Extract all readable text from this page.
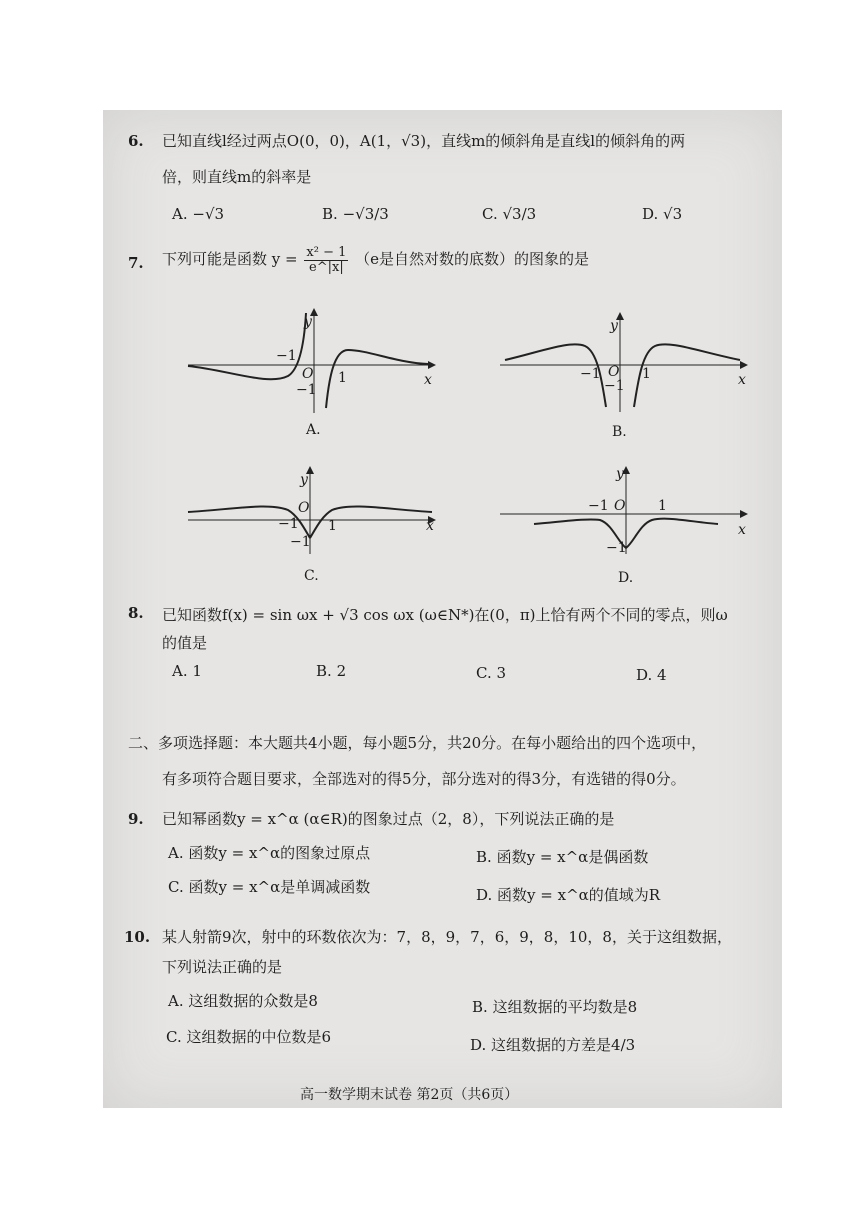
6. 已知直线l经过两点O(0，0)，A(1，√3)，直线m的倾斜角是直线l的倾斜角的两
倍，则直线m的斜率是
A. −√3	B. −√3/3	C. √3/3	D. √3
7. 下列可能是函数 $y = \frac{\text{x² − 1}}{e\^{}|x|} (e$是自然对数的底数）的图象的是
y
x
O
−1
1
−1
A.
y
x
O
−1	1
−1
B.
y
x
O
−1 1
−1
C.
y
x
O
−1	1
−1
D.
8. 已知函数f(x) = sin ωx + √3 cos ωx (ω∈N*)在(0，π)上恰有两个不同的零点，则ω
的值是
A. 1	B. 2	C. 3	D. 4
二、多项选择题：本大题共4小题，每小题5分，共20分。在每小题给出的四个选项中，
有多项符合题目要求，全部选对的得5分，部分选对的得3分，有选错的得0分。
9. 已知幂函数y = x^α (α∈R)的图象过点（2，8），下列说法正确的是
A. 函数y = x^α的图象过原点	B. 函数y = x^α是偶函数
C. 函数y = x^α是单调减函数	D. 函数y = x^α的值域为R
10. 某人射箭9次，射中的环数依次为：7，8，9，7，6，9，8，10，8，关于这组数据，
下列说法正确的是
A. 这组数据的众数是8	B. 这组数据的平均数是8
C. 这组数据的中位数是6	D. 这组数据的方差是4/3
高一数学期末试卷 第2页（共6页）
